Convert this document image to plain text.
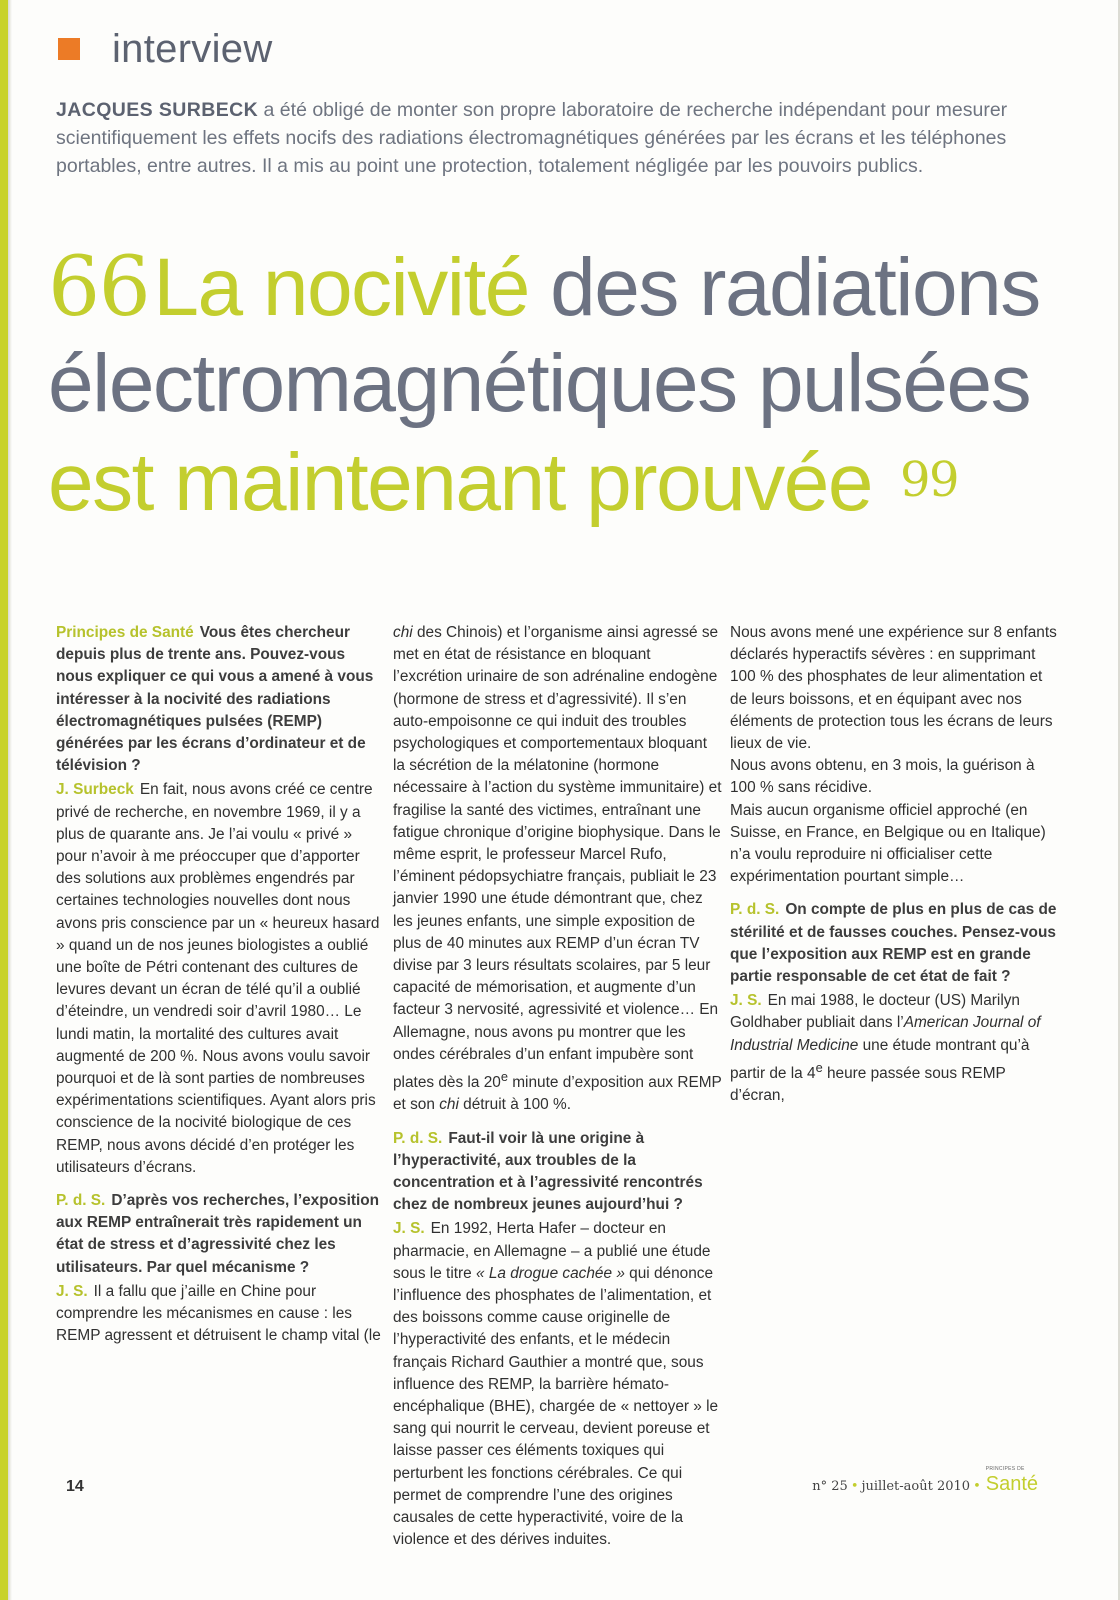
interview
JACQUES SURBECK a été obligé de monter son propre laboratoire de recherche indépendant pour mesurer scientifiquement les effets nocifs des radiations électromagnétiques générées par les écrans et les téléphones portables, entre autres. Il a mis au point une protection, totalement négligée par les pouvoirs publics.
66La nocivité des radiations
électromagnétiques pulsées
est maintenant prouvée 99

Principes de Santé Vous êtes chercheur depuis plus de trente ans. Pouvez-vous nous expliquer ce qui vous a amené à vous intéresser à la nocivité des radiations électromagnétiques pulsées (REMP) générées par les écrans d’ordinateur et de télévision ?

J. Surbeck En fait, nous avons créé ce centre privé de recherche, en novembre 1969, il y a plus de quarante ans. Je l’ai voulu « privé » pour n’avoir à me préoccuper que d’apporter des solutions aux problèmes engendrés par certaines technologies nouvelles dont nous avons pris conscience par un « heureux hasard » quand un de nos jeunes biologistes a oublié une boîte de Pétri contenant des cultures de levures devant un écran de télé qu’il a oublié d’éteindre, un vendredi soir d’avril 1980… Le lundi matin, la mortalité des cultures avait augmenté de 200 %. Nous avons voulu savoir pourquoi et de là sont parties de nombreuses expérimentations scientifiques. Ayant alors pris conscience de la nocivité biologique de ces REMP, nous avons décidé d’en protéger les utilisateurs d’écrans.

P. d. S. D’après vos recherches, l’exposition aux REMP entraînerait très rapidement un état de stress et d’agressivité chez les utilisateurs. Par quel mécanisme ?

J. S. Il a fallu que j’aille en Chine pour comprendre les mécanismes en cause : les REMP agressent et détruisent le champ vital (le

chi des Chinois) et l’organisme ainsi agressé se met en état de résistance en bloquant l’excrétion urinaire de son adrénaline endogène (hormone de stress et d’agressivité). Il s’en auto-empoisonne ce qui induit des troubles psychologiques et comportementaux bloquant la sécrétion de la mélatonine (hormone nécessaire à l’action du système immunitaire) et fragilise la santé des victimes, entraînant une fatigue chronique d’origine biophysique. Dans le même esprit, le professeur Marcel Rufo, l’éminent pédopsychiatre français, publiait le 23 janvier 1990 une étude démontrant que, chez les jeunes enfants, une simple exposition de plus de 40 minutes aux REMP d’un écran TV divise par 3 leurs résultats scolaires, par 5 leur capacité de mémorisation, et augmente d’un facteur 3 nervosité, agressivité et violence… En Allemagne, nous avons pu montrer que les ondes cérébrales d’un enfant impubère sont plates dès la 20e minute d’exposition aux REMP et son chi détruit à 100 %.

P. d. S. Faut-il voir là une origine à l’hyperactivité, aux troubles de la concentration et à l’agressivité rencontrés chez de nombreux jeunes aujourd’hui ?

J. S. En 1992, Herta Hafer – docteur en pharmacie, en Allemagne – a publié une étude sous le titre « La drogue cachée » qui dénonce l’influence des phosphates de l’alimentation, et des boissons comme cause originelle de l’hyperactivité des enfants, et le médecin français Richard Gauthier a montré que, sous influence des REMP, la barrière hémato-encéphalique (BHE), chargée de « nettoyer » le sang qui nourrit le cerveau, devient poreuse et laisse passer ces éléments toxiques qui perturbent les fonctions cérébrales. Ce qui permet de comprendre l’une des origines causales de cette hyperactivité, voire de la violence et des dérives induites.

Nous avons mené une expérience sur 8 enfants déclarés hyperactifs sévères : en supprimant 100 % des phosphates de leur alimentation et de leurs boissons, et en équipant avec nos éléments de protection tous les écrans de leurs lieux de vie.
Nous avons obtenu, en 3 mois, la guérison à 100 % sans récidive.
Mais aucun organisme officiel approché (en Suisse, en France, en Belgique ou en Italique) n’a voulu reproduire ni officialiser cette expérimentation pourtant simple…

P. d. S. On compte de plus en plus de cas de stérilité et de fausses couches. Pensez-vous que l’exposition aux REMP est en grande partie responsable de cet état de fait ?

J. S. En mai 1988, le docteur (US) Marilyn Goldhaber publiait dans l’American Journal of Industrial Medicine une étude montrant qu’à partir de la 4e heure passée sous REMP d’écran,

14	n° 25 • juillet-août 2010 •
PRINCIPES DE
Santé
